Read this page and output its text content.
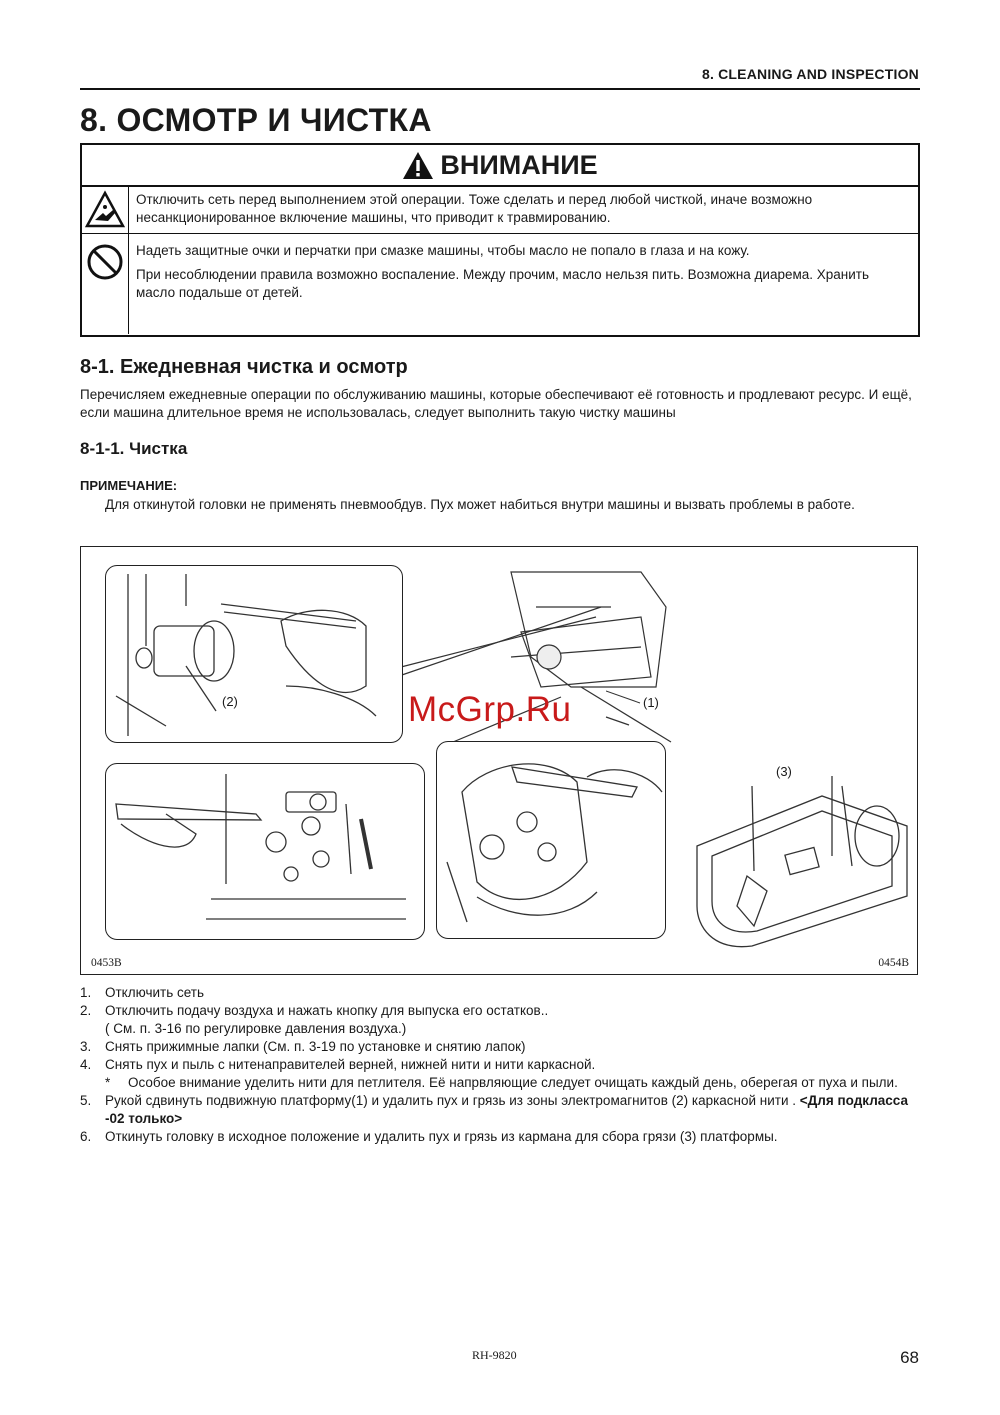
8. CLEANING AND INSPECTION
8. ОСМОТР И ЧИСТКА
ВНИМАНИЕ
Отключить сеть перед выполнением этой операции. Тоже сделать и перед любой чисткой, иначе возможно несанкционированное включение машины, что приводит к травмированию.
Надеть защитные очки и перчатки при смазке машины, чтобы масло не попало в глаза и на кожу.
При несоблюдении правила возможно воспаление. Между прочим, масло нельзя пить. Возможна диарема. Хранить масло подальше от детей.
8-1. Ежедневная чистка и осмотр
Перечисляем ежедневные операции по обслуживанию машины, которые обеспечивают её готовность и продлевают ресурс. И ещё, если машина длительное время не использовалась, следует выполнить такую чистку машины
8-1-1. Чистка
ПРИМЕЧАНИЕ:
Для откинутой головки не применять пневмообдув. Пух может набиться внутри машины и вызвать проблемы в работе.
(2)	(1)
(3)
0453B	0454B
McGrp.Ru
1. Отключить сеть
2. Отключить подачу воздуха и нажать кнопку для выпуска его остатков..
( См. п. 3-16 по регулировке давления воздуха.)
3. Снять прижимные лапки (См. п. 3-19 по установке и снятию лапок)
4. Снять пух и пыль с нитенаправителей верней, нижней нити и нити каркасной.
* Особое внимание уделить нити для петлителя. Её напрвляющие следует очищать каждый день, оберегая от пуха и пыли.
5. Рукой сдвинуть подвижную платформу(1) и удалить пух и грязь из зоны электромагнитов (2) каркасной нити . <Для подкласса -02 только>
6. Откинуть головку в исходное положение и удалить пух и грязь из кармана для сбора грязи (3) платформы.
RH-9820	68
